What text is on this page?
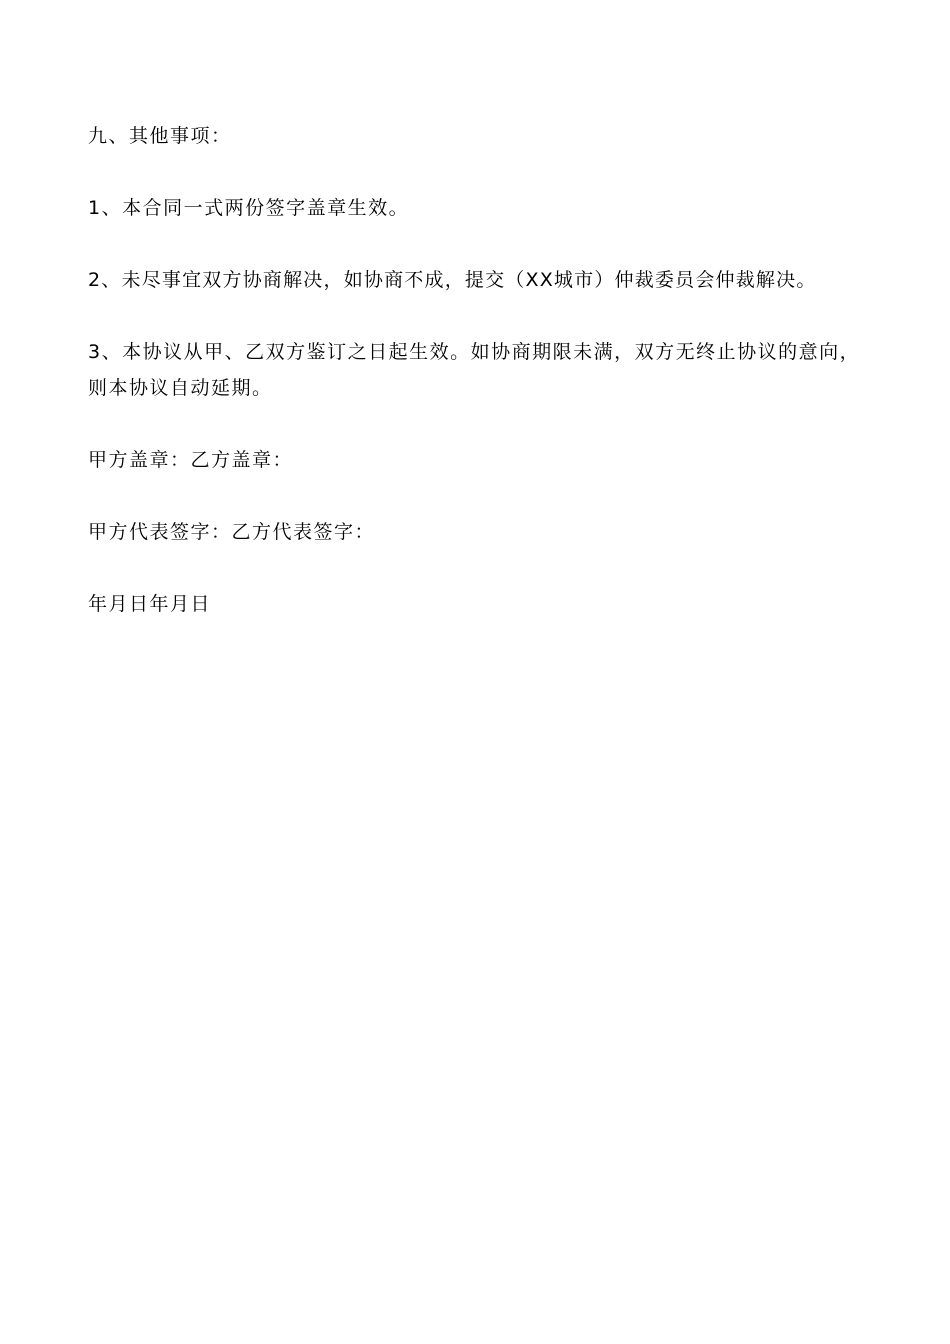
九、其他事项：

1、本合同一式两份签字盖章生效。

2、未尽事宜双方协商解决，如协商不成，提交（XX城市）仲裁委员会仲裁解决。

3、本协议从甲、乙双方鉴订之日起生效。如协商期限未满，双方无终止协议的意向，则本协议自动延期。

甲方盖章：乙方盖章：

甲方代表签字：乙方代表签字：

年月日年月日
